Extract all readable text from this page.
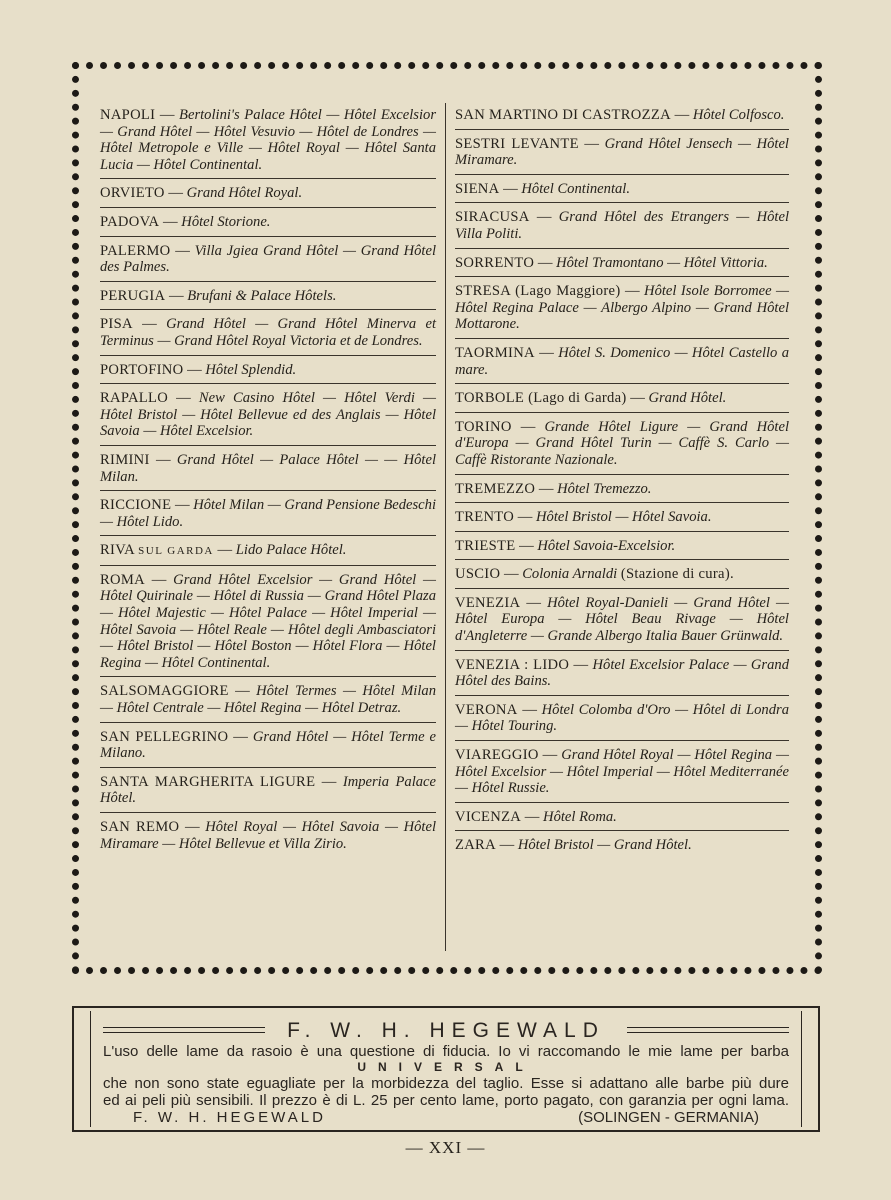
NAPOLI — Bertolini's Palace Hôtel — Hôtel Excelsior — Grand Hôtel — Hôtel Vesuvio — Hôtel de Londres — Hôtel Metropole e Ville — Hôtel Royal — Hôtel Santa Lucia — Hôtel Continental.
ORVIETO — Grand Hôtel Royal.
PADOVA — Hôtel Storione.
PALERMO — Villa Jgiea Grand Hôtel — Grand Hôtel des Palmes.
PERUGIA — Brufani & Palace Hôtels.
PISA — Grand Hôtel — Grand Hôtel Minerva et Terminus — Grand Hôtel Royal Victoria et de Londres.
PORTOFINO — Hôtel Splendid.
RAPALLO — New Casino Hôtel — Hôtel Verdi — Hôtel Bristol — Hôtel Bellevue ed des Anglais — Hôtel Savoia — Hôtel Excelsior.
RIMINI — Grand Hôtel — Palace Hôtel — — Hôtel Milan.
RICCIONE — Hôtel Milan — Grand Pensione Bedeschi — Hôtel Lido.
RIVA SUL GARDA — Lido Palace Hôtel.
ROMA — Grand Hôtel Excelsior — Grand Hôtel — Hôtel Quirinale — Hôtel di Russia — Grand Hôtel Plaza — Hôtel Majestic — Hôtel Palace — Hôtel Imperial — Hôtel Savoia — Hôtel Reale — Hôtel degli Ambasciatori — Hôtel Bristol — Hôtel Boston — Hôtel Flora — Hôtel Regina — Hôtel Continental.
SALSOMAGGIORE — Hôtel Termes — Hôtel Milan — Hôtel Centrale — Hôtel Regina — Hôtel Detraz.
SAN PELLEGRINO — Grand Hôtel — Hôtel Terme e Milano.
SANTA MARGHERITA LIGURE — Imperia Palace Hôtel.
SAN REMO — Hôtel Royal — Hôtel Savoia — Hôtel Miramare — Hôtel Bellevue et Villa Zirio.
SAN MARTINO DI CASTROZZA — Hôtel Colfosco.
SESTRI LEVANTE — Grand Hôtel Jensech — Hôtel Miramare.
SIENA — Hôtel Continental.
SIRACUSA — Grand Hôtel des Etrangers — Hôtel Villa Politi.
SORRENTO — Hôtel Tramontano — Hôtel Vittoria.
STRESA (Lago Maggiore) — Hôtel Isole Borromee — Hôtel Regina Palace — Albergo Alpino — Grand Hôtel Mottarone.
TAORMINA — Hôtel S. Domenico — Hôtel Castello a mare.
TORBOLE (Lago di Garda) — Grand Hôtel.
TORINO — Grande Hôtel Ligure — Grand Hôtel d'Europa — Grand Hôtel Turin — Caffè S. Carlo — Caffè Ristorante Nazionale.
TREMEZZO — Hôtel Tremezzo.
TRENTO — Hôtel Bristol — Hôtel Savoia.
TRIESTE — Hôtel Savoia-Excelsior.
USCIO — Colonia Arnaldi (Stazione di cura).
VENEZIA — Hôtel Royal-Danieli — Grand Hôtel — Hôtel Europa — Hôtel Beau Rivage — Hôtel d'Angleterre — Grande Albergo Italia Bauer Grünwald.
VENEZIA : LIDO — Hôtel Excelsior Palace — Grand Hôtel des Bains.
VERONA — Hôtel Colomba d'Oro — Hôtel di Londra — Hôtel Touring.
VIAREGGIO — Grand Hôtel Royal — Hôtel Regina — Hôtel Excelsior — Hôtel Imperial — Hôtel Mediterranée — Hôtel Russie.
VICENZA — Hôtel Roma.
ZARA — Hôtel Bristol — Grand Hôtel.
F. W. H. HEGEWALD
L'uso delle lame da rasoio è una questione di fiducia. Io vi raccomando le mie lame per barba
UNIVERSAL
che non sono state eguagliate per la morbidezza del taglio. Esse si adattano alle barbe più dure
ed ai peli più sensibili. Il prezzo è di L. 25 per cento lame, porto pagato, con garanzia per ogni lama.
F. W. H. HEGEWALD	(SOLINGEN - GERMANIA)
— XXI —
